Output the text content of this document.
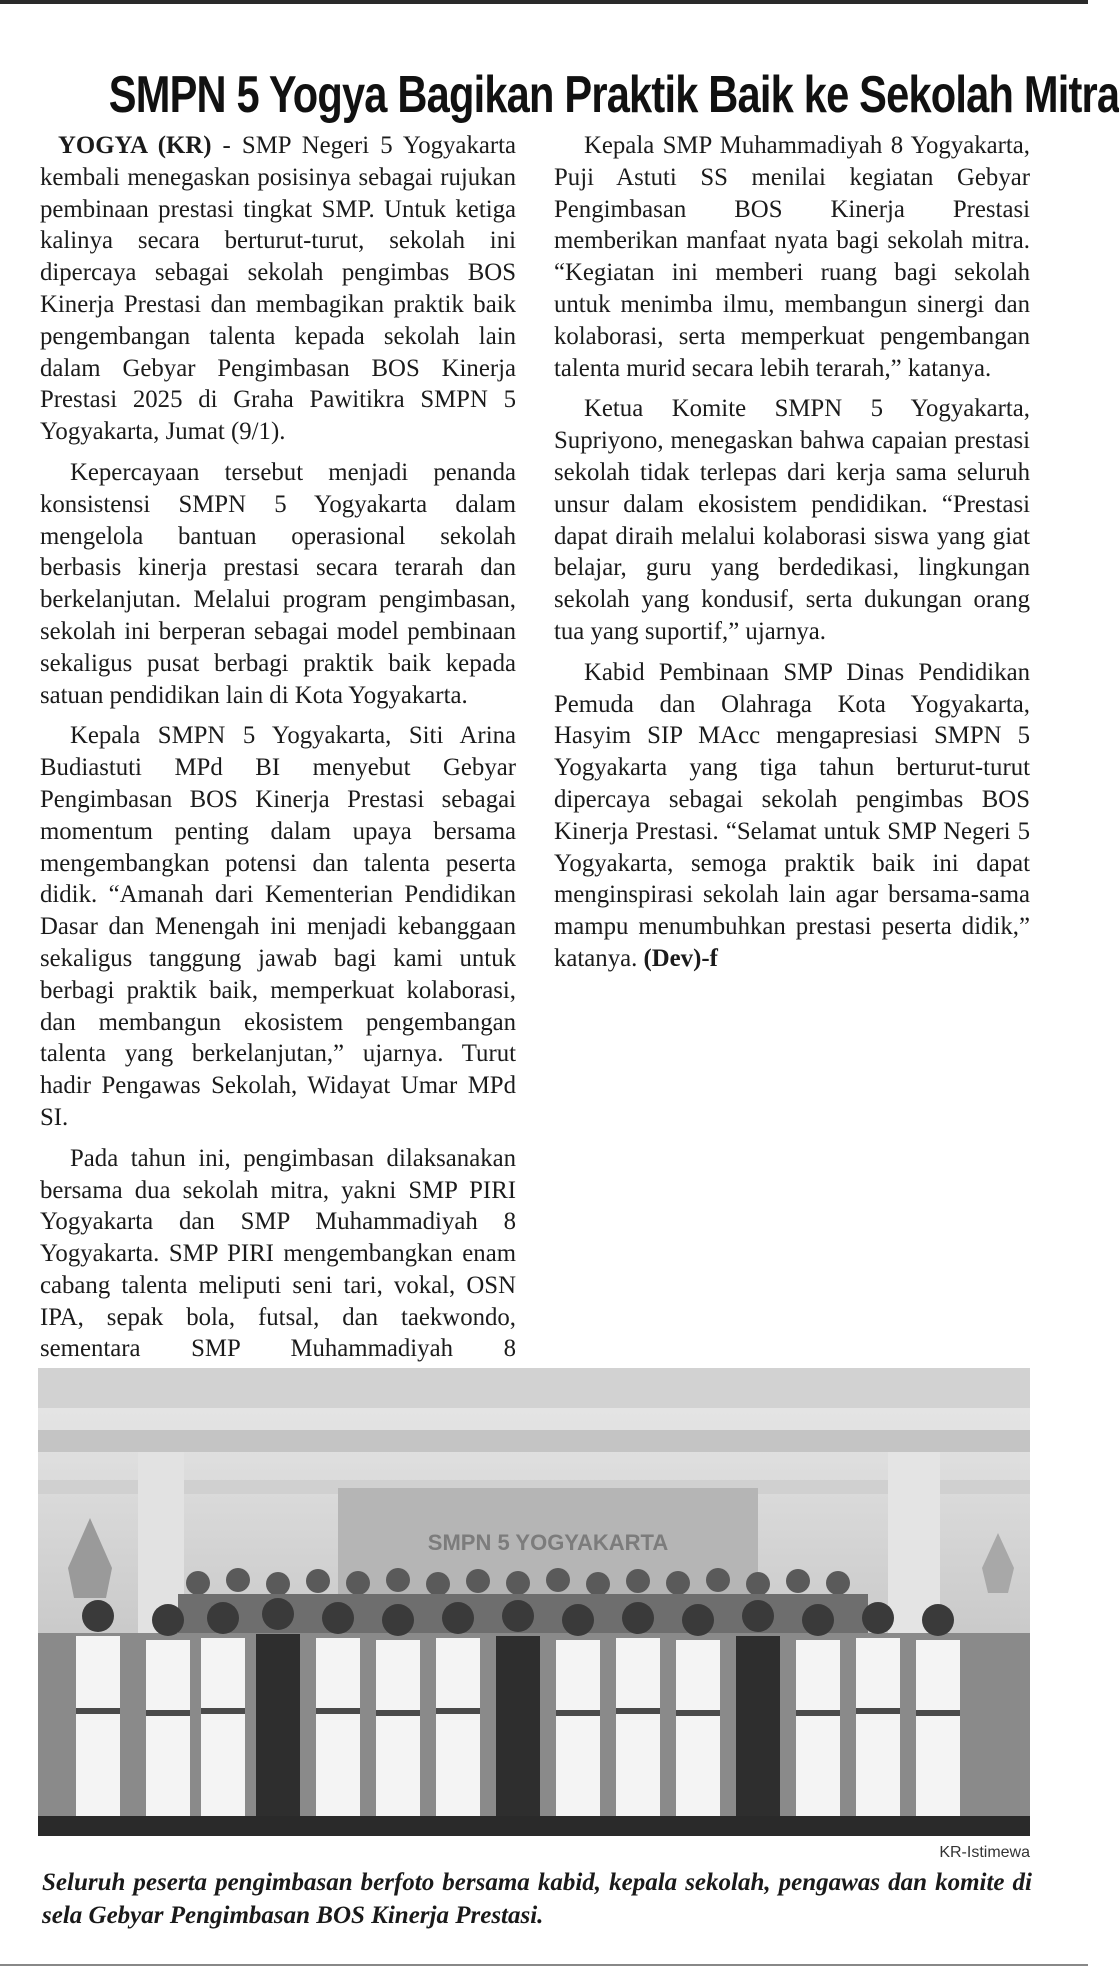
SMPN 5 Yogya Bagikan Praktik Baik ke Sekolah Mitra

YOGYA (KR) - SMP Negeri 5 Yogyakarta kembali menegaskan posisinya sebagai rujukan pembinaan prestasi tingkat SMP. Untuk ketiga kalinya secara berturut-turut, sekolah ini dipercaya sebagai sekolah pengimbas BOS Kinerja Prestasi dan membagikan praktik baik pengembangan talenta kepada sekolah lain dalam Gebyar Pengimbasan BOS Kinerja Prestasi 2025 di Graha Pawitikra SMPN 5 Yogyakarta, Jumat (9/1).

Kepercayaan tersebut menjadi penanda konsistensi SMPN 5 Yogyakarta dalam mengelola bantuan operasional sekolah berbasis kinerja prestasi secara terarah dan berkelanjutan. Melalui program pengimbasan, sekolah ini berperan sebagai model pembinaan sekaligus pusat berbagi praktik baik kepada satuan pendidikan lain di Kota Yogyakarta.

Kepala SMPN 5 Yogyakarta, Siti Arina Budiastuti MPd BI menyebut Gebyar Pengimbasan BOS Kinerja Prestasi sebagai momentum penting dalam upaya bersama mengembangkan potensi dan talenta peserta didik. “Amanah dari Kementerian Pendidikan Dasar dan Menengah ini menjadi kebanggaan sekaligus tanggung jawab bagi kami untuk berbagi praktik baik, memperkuat kolaborasi, dan membangun ekosistem pengembangan talenta yang berkelanjutan,” ujarnya. Turut hadir Pengawas Sekolah, Widayat Umar MPd SI.

Pada tahun ini, pengimbasan dilaksanakan bersama dua sekolah mitra, yakni SMP PIRI Yogyakarta dan SMP Muhammadiyah 8 Yogyakarta. SMP PIRI mengembangkan enam cabang talenta meliputi seni tari, vokal, OSN IPA, sepak bola, futsal, dan taekwondo, sementara SMP Muhammadiyah 8

Kepala SMP Muhammadiyah 8 Yogyakarta, Puji Astuti SS menilai kegiatan Gebyar Pengimbasan BOS Kinerja Prestasi memberikan manfaat nyata bagi sekolah mitra. “Kegiatan ini memberi ruang bagi sekolah untuk menimba ilmu, membangun sinergi dan kolaborasi, serta memperkuat pengembangan talenta murid secara lebih terarah,” katanya.

Ketua Komite SMPN 5 Yogyakarta, Supriyono, menegaskan bahwa capaian prestasi sekolah tidak terlepas dari kerja sama seluruh unsur dalam ekosistem pendidikan. “Prestasi dapat diraih melalui kolaborasi siswa yang giat belajar, guru yang berdedikasi, lingkungan sekolah yang kondusif, serta dukungan orang tua yang suportif,” ujarnya.

Kabid Pembinaan SMP Dinas Pendidikan Pemuda dan Olahraga Kota Yogyakarta, Hasyim SIP MAcc mengapresiasi SMPN 5 Yogyakarta yang tiga tahun berturut-turut dipercaya sebagai sekolah pengimbas BOS Kinerja Prestasi. “Selamat untuk SMP Negeri 5 Yogyakarta, semoga praktik baik ini dapat menginspirasi sekolah lain agar bersama-sama mampu menumbuhkan prestasi peserta didik,” katanya. (Dev)-f

SMPN 5 YOGYAKARTA
KR-Istimewa
Seluruh peserta pengimbasan berfoto bersama kabid, kepala sekolah, pengawas dan komite di sela Gebyar Pengimbasan BOS Kinerja Prestasi.
